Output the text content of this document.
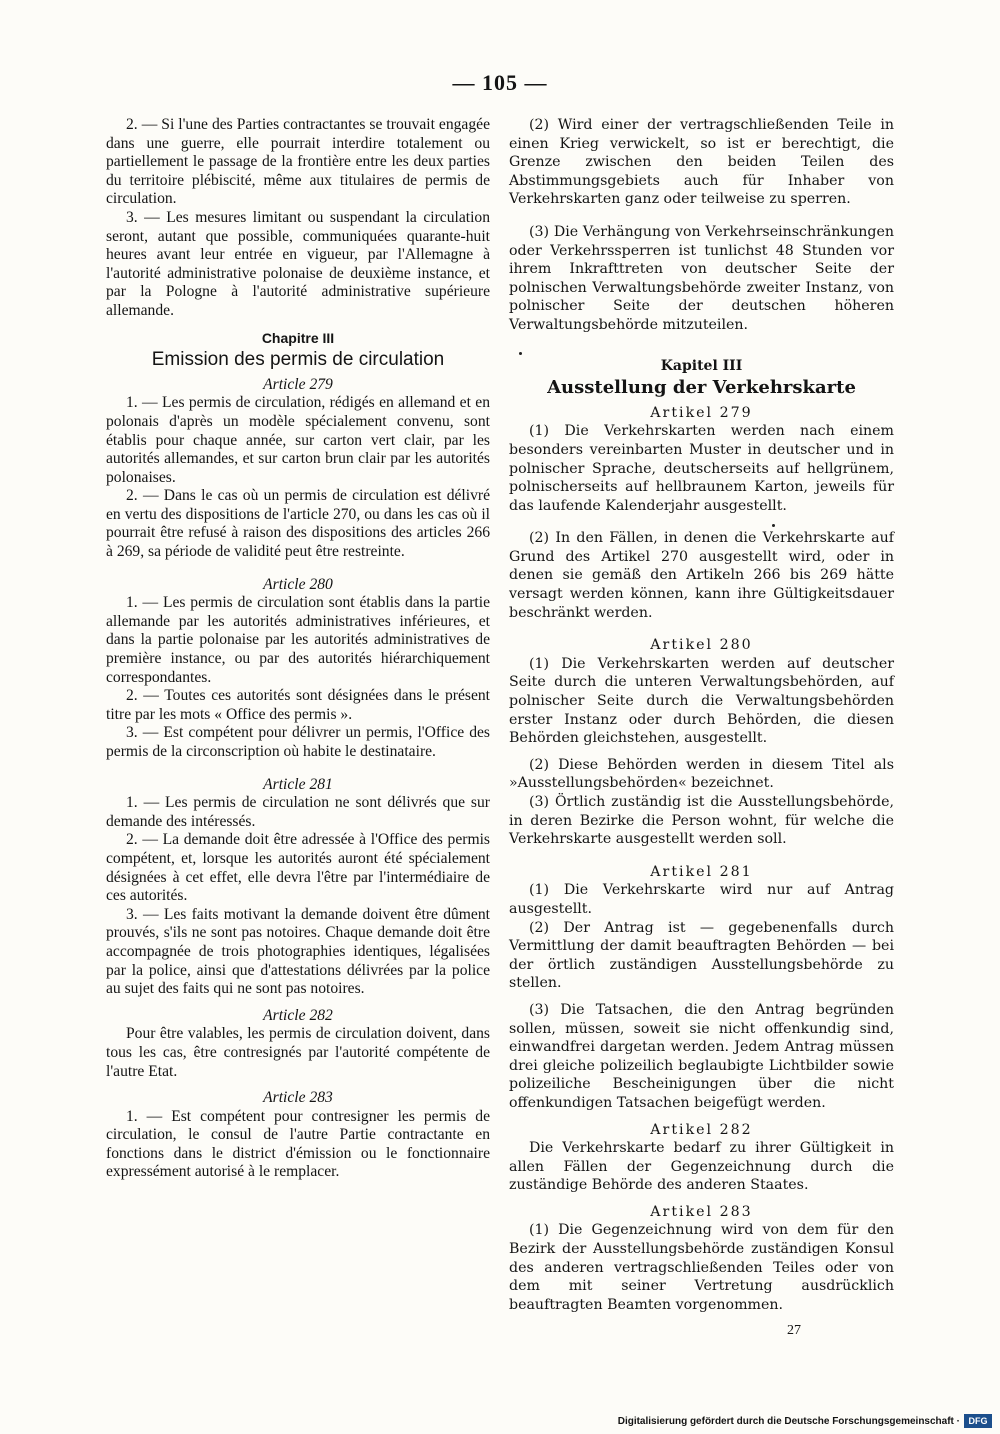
— 105 —

2. — Si l'une des Parties contractantes se trouvait engagée dans une guerre, elle pourrait interdire totalement ou partiellement le passage de la frontière entre les deux parties du territoire plébiscité, même aux titulaires de permis de circulation.

3. — Les mesures limitant ou suspendant la circulation seront, autant que possible, communiquées quarante-huit heures avant leur entrée en vigueur, par l'Allemagne à l'autorité administrative polonaise de deuxième instance, et par la Pologne à l'autorité administrative supérieure allemande.

Chapitre III
Emission des permis de circulation
Article 279

1. — Les permis de circulation, rédigés en allemand et en polonais d'après un modèle spécialement convenu, sont établis pour chaque année, sur carton vert clair, par les autorités allemandes, et sur carton brun clair par les autorités polonaises.

2. — Dans le cas où un permis de circulation est délivré en vertu des dispositions de l'article 270, ou dans les cas où il pourrait être refusé à raison des dispositions des articles 266 à 269, sa période de validité peut être restreinte.

Article 280

1. — Les permis de circulation sont établis dans la partie allemande par les autorités administratives inférieures, et dans la partie polonaise par les autorités administratives de première instance, ou par des autorités hiérarchiquement correspondantes.

2. — Toutes ces autorités sont désignées dans le présent titre par les mots « Office des permis ».

3. — Est compétent pour délivrer un permis, l'Office des permis de la circonscription où habite le destinataire.

Article 281

1. — Les permis de circulation ne sont délivrés que sur demande des intéressés.

2. — La demande doit être adressée à l'Office des permis compétent, et, lorsque les autorités auront été spécialement désignées à cet effet, elle devra l'être par l'intermédiaire de ces autorités.

3. — Les faits motivant la demande doivent être dûment prouvés, s'ils ne sont pas notoires. Chaque demande doit être accompagnée de trois photographies identiques, légalisées par la police, ainsi que d'attestations délivrées par la police au sujet des faits qui ne sont pas notoires.

Article 282

Pour être valables, les permis de circulation doivent, dans tous les cas, être contresignés par l'autorité compétente de l'autre Etat.

Article 283

1. — Est compétent pour contresigner les permis de circulation, le consul de l'autre Partie contractante en fonctions dans le district d'émission ou le fonctionnaire expressément autorisé à le remplacer.

(2) Wird einer der vertragschließenden Teile in einen Krieg verwickelt, so ist er berechtigt, die Grenze zwischen den beiden Teilen des Abstimmungsgebiets auch für Inhaber von Verkehrskarten ganz oder teilweise zu sperren.

(3) Die Verhängung von Verkehrseinschränkungen oder Verkehrssperren ist tunlichst 48 Stunden vor ihrem Inkrafttreten von deutscher Seite der polnischen Verwaltungsbehörde zweiter Instanz, von polnischer Seite der deutschen höheren Verwaltungsbehörde mitzuteilen.

Kapitel III
Ausstellung der Verkehrskarte
Artikel 279

(1) Die Verkehrskarten werden nach einem besonders vereinbarten Muster in deutscher und in polnischer Sprache, deutscherseits auf hellgrünem, polnischerseits auf hellbraunem Karton, jeweils für das laufende Kalenderjahr ausgestellt.

(2) In den Fällen, in denen die Verkehrskarte auf Grund des Artikel 270 ausgestellt wird, oder in denen sie gemäß den Artikeln 266 bis 269 hätte versagt werden können, kann ihre Gültigkeitsdauer beschränkt werden.

Artikel 280

(1) Die Verkehrskarten werden auf deutscher Seite durch die unteren Verwaltungsbehörden, auf polnischer Seite durch die Verwaltungsbehörden erster Instanz oder durch Behörden, die diesen Behörden gleichstehen, ausgestellt.

(2) Diese Behörden werden in diesem Titel als »Ausstellungsbehörden« bezeichnet.

(3) Örtlich zuständig ist die Ausstellungsbehörde, in deren Bezirke die Person wohnt, für welche die Verkehrskarte ausgestellt werden soll.

Artikel 281

(1) Die Verkehrskarte wird nur auf Antrag ausgestellt.

(2) Der Antrag ist — gegebenenfalls durch Vermittlung der damit beauftragten Behörden — bei der örtlich zuständigen Ausstellungsbehörde zu stellen.

(3) Die Tatsachen, die den Antrag begründen sollen, müssen, soweit sie nicht offenkundig sind, einwandfrei dargetan werden. Jedem Antrag müssen drei gleiche polizeilich beglaubigte Lichtbilder sowie polizeiliche Bescheinigungen über die nicht offenkundigen Tatsachen beigefügt werden.

Artikel 282

Die Verkehrskarte bedarf zu ihrer Gültigkeit in allen Fällen der Gegenzeichnung durch die zuständige Behörde des anderen Staates.

Artikel 283

(1) Die Gegenzeichnung wird von dem für den Bezirk der Ausstellungsbehörde zuständigen Konsul des anderen vertragschließenden Teiles oder von dem mit seiner Vertretung ausdrücklich beauftragten Beamten vorgenommen.

27
Digitalisierung gefördert durch die Deutsche Forschungsgemeinschaft · DFG
